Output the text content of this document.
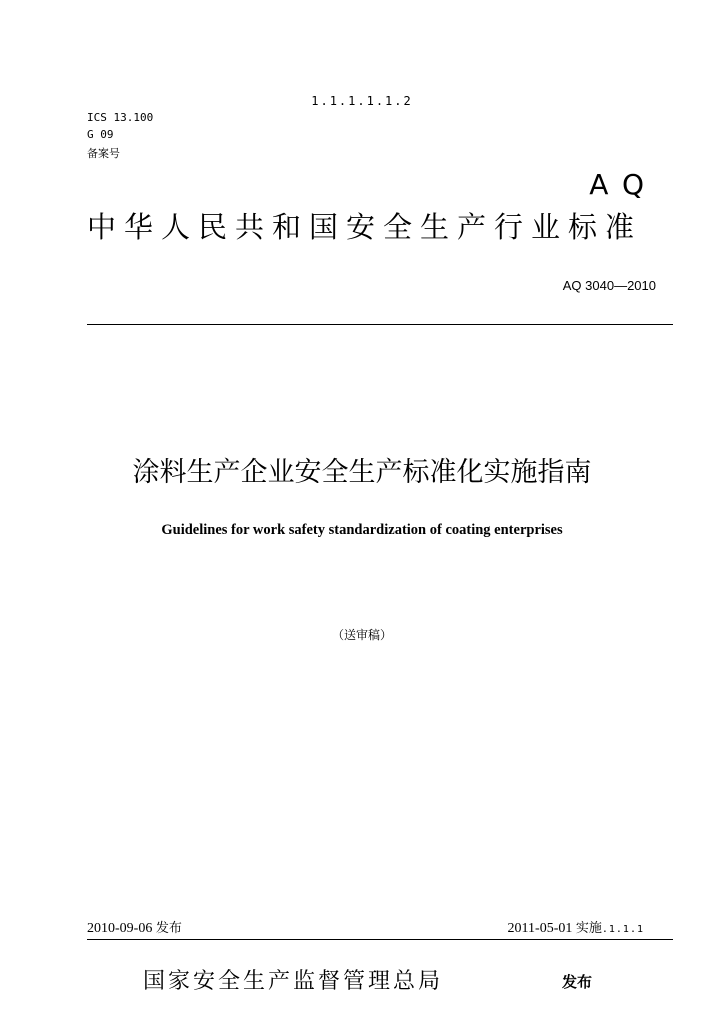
1.1.1.1.1.2
ICS 13.100
G 09
备案号
AQ
中华人民共和国安全生产行业标准
AQ 3040—2010
涂料生产企业安全生产标准化实施指南
Guidelines for work safety standardization of coating enterprises
（送审稿）
2010-09-06 发布	2011-05-01 实施.1.1.1
国家安全生产监督管理总局	发布
